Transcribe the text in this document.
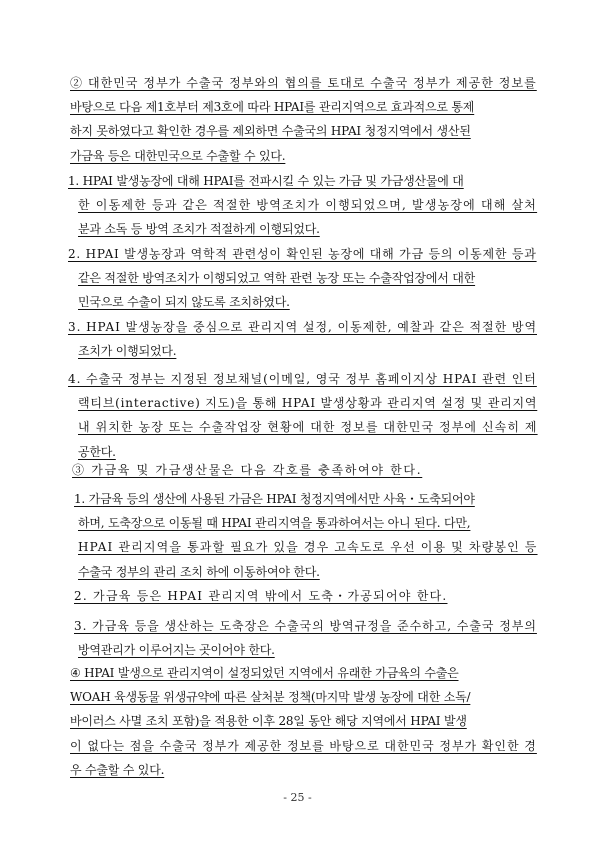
② 대한민국 정부가 수출국 정부와의 협의를 토대로 수출국 정부가 제공한 정보를
바탕으로 다음 제1호부터 제3호에 따라 HPAI를 관리지역으로 효과적으로 통제
하지 못하였다고 확인한 경우를 제외하면 수출국의 HPAI 청정지역에서 생산된
가금육 등은 대한민국으로 수출할 수 있다.
1. HPAI 발생농장에 대해 HPAI를 전파시킬 수 있는 가금 및 가금생산물에 대
한 이동제한 등과 같은 적절한 방역조치가 이행되었으며, 발생농장에 대해 살처
분과 소독 등 방역 조치가 적절하게 이행되었다.
2. HPAI 발생농장과 역학적 관련성이 확인된 농장에 대해 가금 등의 이동제한 등과
같은 적절한 방역조치가 이행되었고 역학 관련 농장 또는 수출작업장에서 대한
민국으로 수출이 되지 않도록 조치하였다.
3. HPAI 발생농장을 중심으로 관리지역 설정, 이동제한, 예찰과 같은 적절한 방역
조치가 이행되었다.
4. 수출국 정부는 지정된 정보채널(이메일, 영국 정부 홈페이지상 HPAI 관련 인터
랙티브(interactive) 지도)을 통해 HPAI 발생상황과 관리지역 설정 및 관리지역
내 위치한 농장 또는 수출작업장 현황에 대한 정보를 대한민국 정부에 신속히 제
공한다.
③ 가금육 및 가금생산물은 다음 각호를 충족하여야 한다.
1. 가금육 등의 생산에 사용된 가금은 HPAI 청정지역에서만 사육・도축되어야
하며, 도축장으로 이동될 때 HPAI 관리지역을 통과하여서는 아니 된다. 다만,
HPAI 관리지역을 통과할 필요가 있을 경우 고속도로 우선 이용 및 차량봉인 등
수출국 정부의 관리 조치 하에 이동하여야 한다.
2. 가금육 등은 HPAI 관리지역 밖에서 도축・가공되어야 한다.
3. 가금육 등을 생산하는 도축장은 수출국의 방역규정을 준수하고, 수출국 정부의
방역관리가 이루어지는 곳이어야 한다.
④ HPAI 발생으로 관리지역이 설정되었던 지역에서 유래한 가금육의 수출은
WOAH 육생동물 위생규약에 따른 살처분 정책(마지막 발생 농장에 대한 소독/
바이러스 사멸 조치 포함)을 적용한 이후 28일 동안 해당 지역에서 HPAI 발생
이 없다는 점을 수출국 정부가 제공한 정보를 바탕으로 대한민국 정부가 확인한 경
우 수출할 수 있다.
- 25 -
